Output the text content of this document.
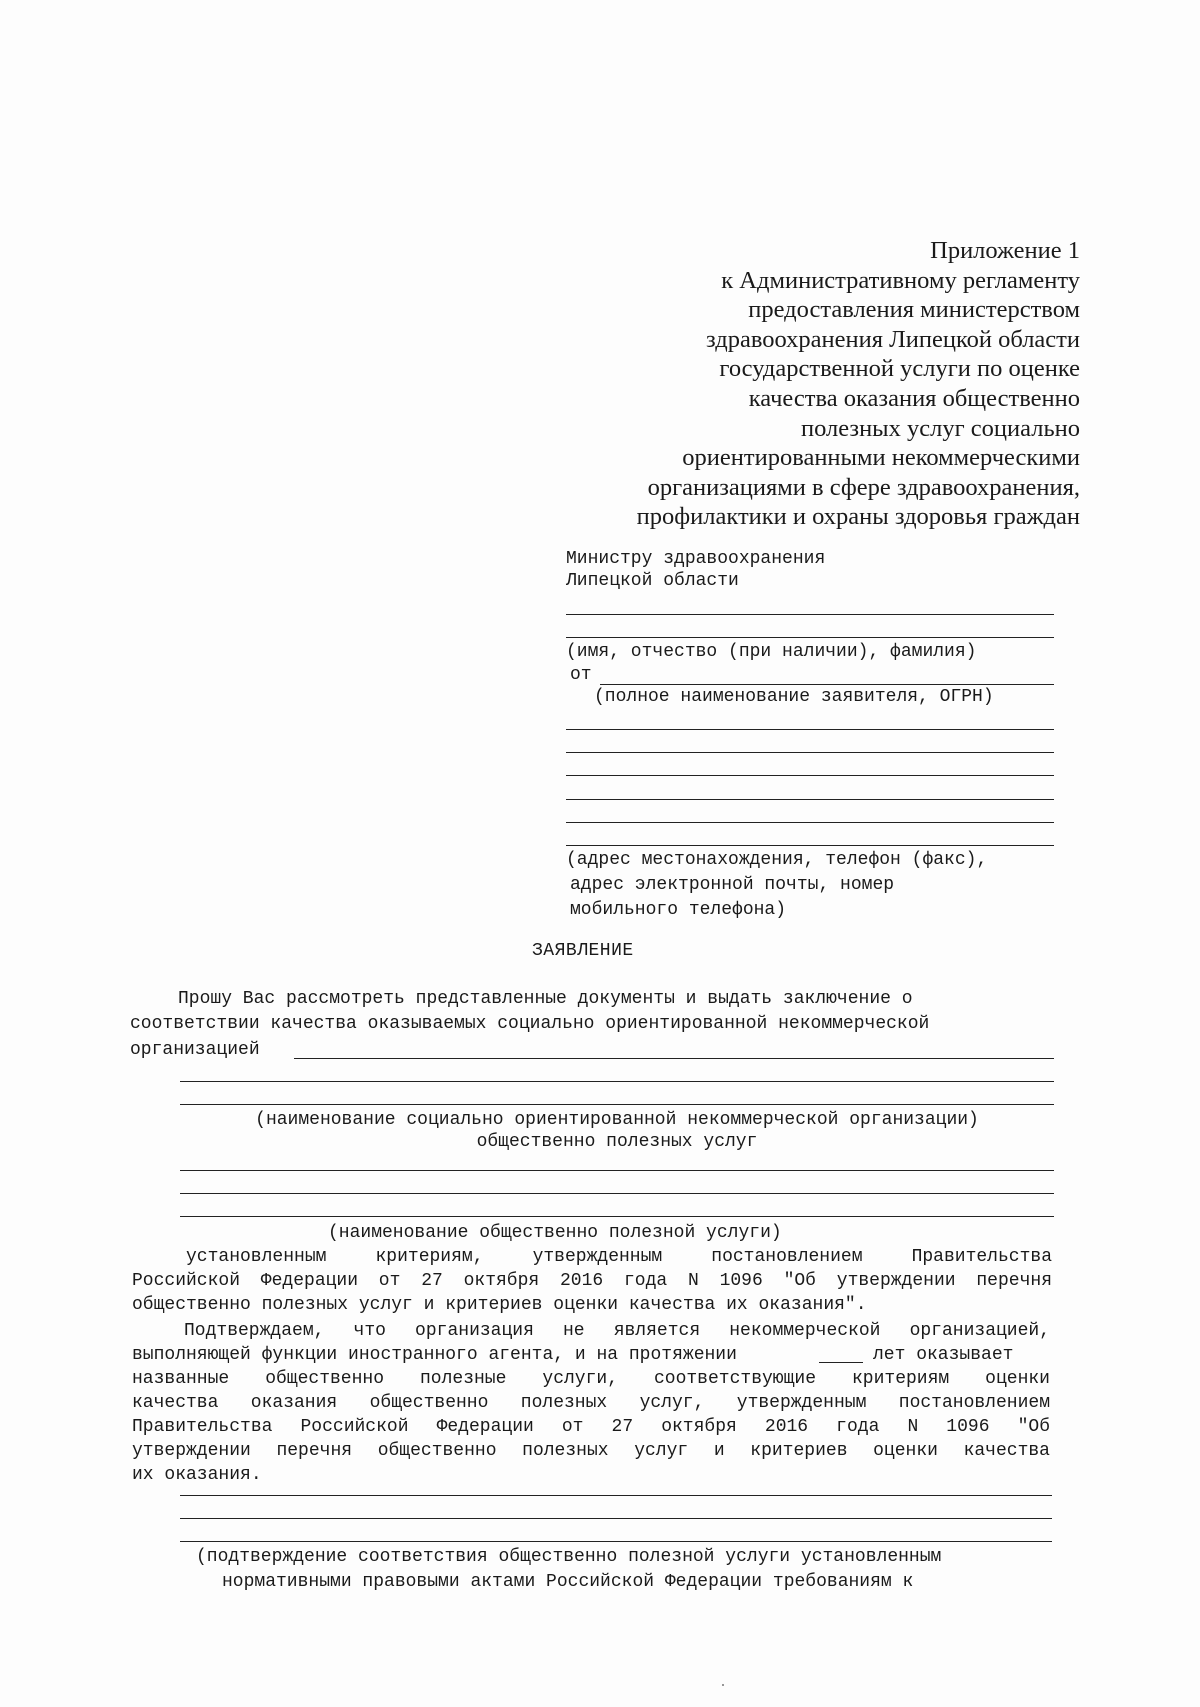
Приложение 1
к Административному регламенту
предоставления министерством
здравоохранения Липецкой области
государственной услуги по оценке
качества оказания общественно
полезных услуг социально
ориентированными некоммерческими
организациями в сфере здравоохранения,
профилактики и охраны здоровья граждан
Министру здравоохранения
Липецкой области
(имя, отчество (при наличии), фамилия)
от
(полное наименование заявителя, ОГРН)
(адрес местонахождения, телефон (факс),
адрес электронной почты, номер
мобильного телефона)
ЗАЯВЛЕНИЕ
Прошу Вас рассмотреть представленные документы и выдать заключение о
соответствии качества оказываемых социально ориентированной некоммерческой
организацией
(наименование социально ориентированной некоммерческой организации)
общественно полезных услуг
(наименование общественно полезной услуги)
установленным критериям, утвержденным постановлением Правительства
Российской Федерации от 27 октября 2016 года N 1096 "Об утверждении перечня
общественно полезных услуг и критериев оценки качества их оказания".
Подтверждаем, что организация не является некоммерческой организацией,
выполняющей функции иностранного агента, и на протяжении	лет оказывает
названные общественно полезные услуги, соответствующие критериям оценки
качества оказания общественно полезных услуг, утвержденным постановлением
Правительства Российской Федерации от 27 октября 2016 года N 1096 "Об
утверждении перечня общественно полезных услуг и критериев оценки качества
их оказания.
(подтверждение соответствия общественно полезной услуги установленным
нормативными правовыми актами Российской Федерации требованиям к
